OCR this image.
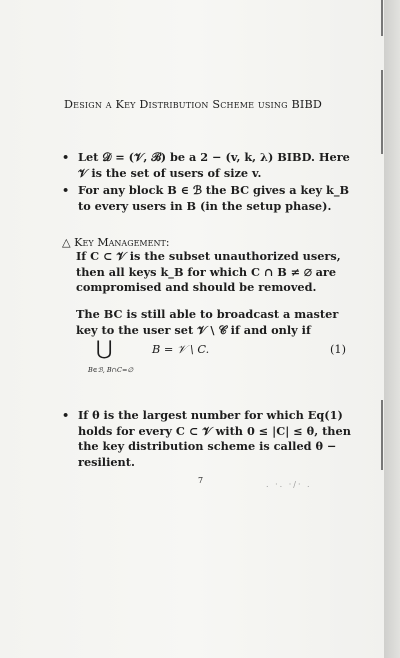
Design a Key Distribution Scheme using BIBD
• Let 𝒟 = (𝒱, ℬ) be a 2 − (v, k, λ) BIBD. Here 𝒱 is the set of users of size v.
• For any block B ∈ ℬ the BC gives a key k_B to every users in B (in the setup phase).
△ Key Management:
If C ⊂ 𝒱 is the subset unauthorized users, then all keys k_B for which C ∩ B ≠ ∅ are compromised and should be removed.
The BC is still able to broadcast a master key to the user set 𝒱 \ 𝒞 if and only if
⋃
B∈ℬ, B∩C=∅
B = 𝒱 \ C.	(1)
• If θ is the largest number for which Eq(1) holds for every C ⊂ 𝒱 with 0 ≤ |C| ≤ θ, then the key distribution scheme is called θ − resilient.
7	. ·. ·/· .
